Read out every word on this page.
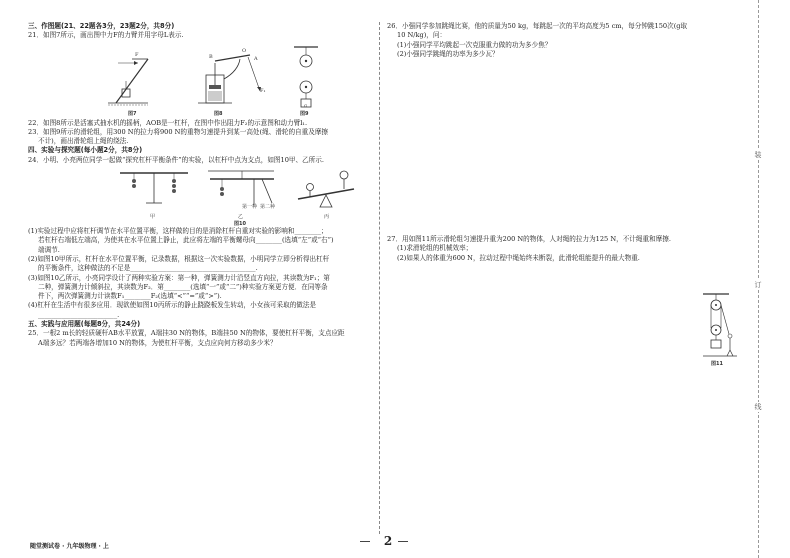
三、作图题(21、22题各3分，23题2分，共8分)

21．如图7所示，画出图中力F的力臂并用字母L表示.

F	B
O
A
F₁
G
图7	图8	图9

22．如图8所示是活塞式抽水机的摇柄，AOB是一杠杆，在图中作出阻力F₂的示意图和动力臂l₁.

23．如图9所示的滑轮组，用300 N的拉力将900 N的重物匀速提升到某一高处(绳、滑轮的自重及摩擦

不计)，画出滑轮组上绳的绕法.

四、实验与探究题(每小题2分，共8分)

24．小明、小亮两位同学一起做“探究杠杆平衡条件”的实验，以杠杆中点为支点，如图10甲、乙所示.

第一种 第二种
甲	乙	丙
图10

(1)实验过程中应将杠杆调节在水平位置平衡，这样做的目的是消除杠杆自重对实验的影响和________；

若杠杆右端低左端高，为使其在水平位置上静止，此应将左端的平衡螺母向________(选填“左”或“右”)

端调节.

(2)如图10甲所示，杠杆在水平位置平衡，记录数据，根据这一次实验数据，小明同学立即分析得出杠杆

的平衡条件，这种做法的不足是______________________________________.

(3)如图10乙所示，小亮同学设计了两种实验方案：第一种，弹簧测力计沿竖直方向拉，其读数为F₁；第

二种，弹簧测力计倾斜拉，其读数为F₂．第________(选填“一”或“二”)种实验方案更方便．在同等条

件下，两次弹簧测力计读数F₁________F₂(选填“<”“=”或“>”).

(4)杠杆在生活中有很多应用．现欲使如图10丙所示的静止跷跷板发生转动，小女孩可采取的做法是

________________________.

五、实践与应用题(每题8分，共24分)

25．一根2 m长的轻质硬杆AB水平放置，A端挂30 N的物体，B端挂50 N的物体，要使杠杆平衡，支点应距

A端多远？若两端各增加10 N的物体，为使杠杆平衡，支点应向何方移动多少米？

26．小强同学参加跳绳比赛，他的质量为50 kg，每跳起一次的平均高度为5 cm，每分钟跳150次(g取

10 N/kg)，问：

(1)小强同学平均跳起一次克服重力做的功为多少焦？

(2)小强同学跳绳的功率为多少瓦？

27．用如图11所示滑轮组匀速提升重为200 N的物体，人对绳的拉力为125 N，不计绳重和摩擦.

(1)求滑轮组的机械效率；

(2)如果人的体重为600 N，拉动过程中绳始终未断裂，此滑轮组能提升的最大物重.

图11
装
订
线
随堂测试卷 · 九年级物理 · 上	2
